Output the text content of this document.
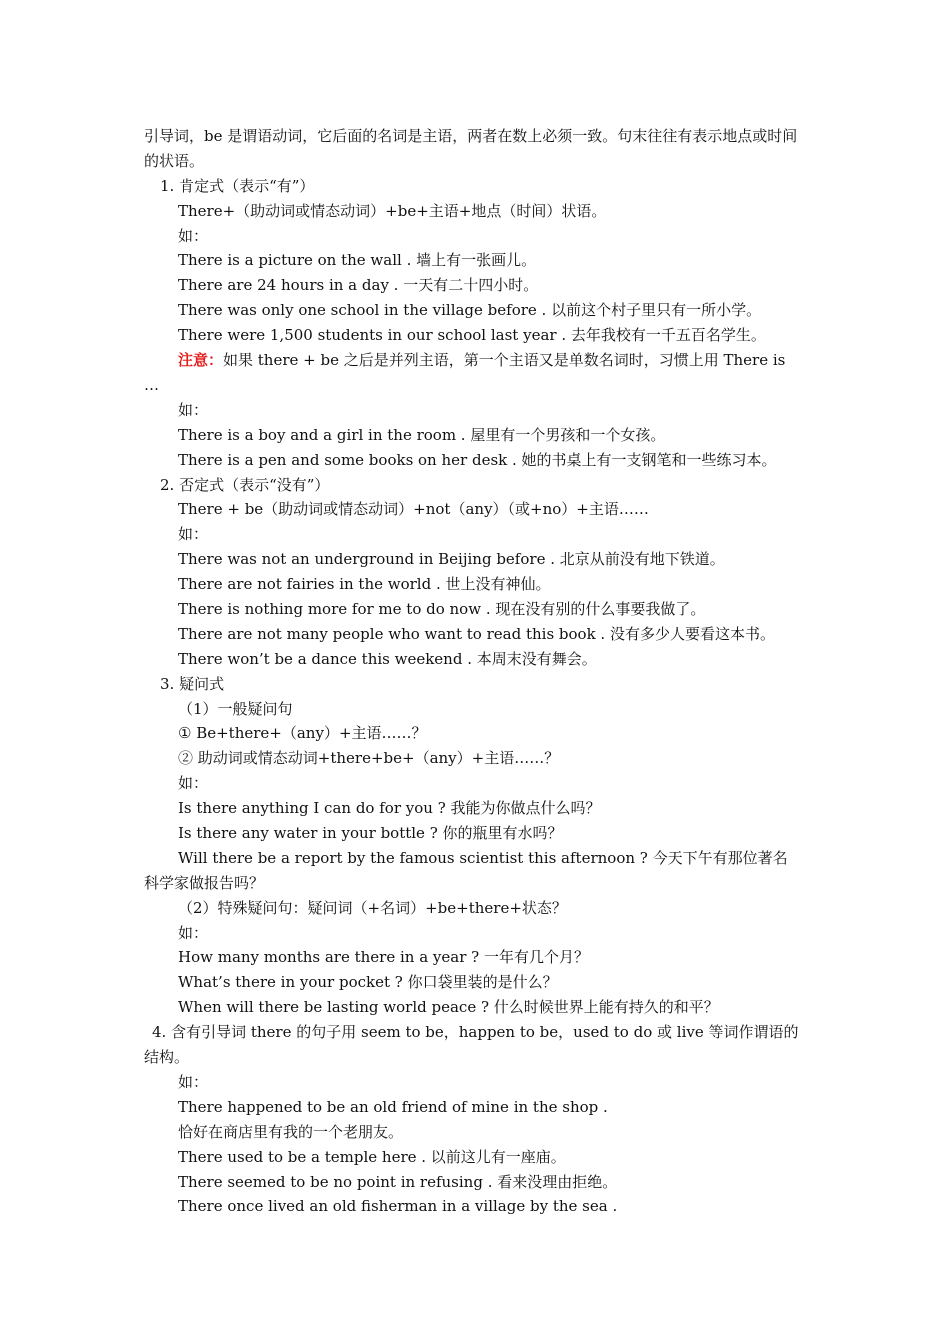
引导词，be 是谓语动词，它后面的名词是主语，两者在数上必须一致。句末往往有表示地点或时间的状语。
1. 肯定式（表示“有”）
There+（助动词或情态动词）+be+主语+地点（时间）状语。
如：
There is a picture on the wall . 墙上有一张画儿。
There are 24 hours in a day . 一天有二十四小时。
There was only one school in the village before . 以前这个村子里只有一所小学。
There were 1,500 students in our school last year . 去年我校有一千五百名学生。
注意：如果 there + be 之后是并列主语，第一个主语又是单数名词时，习惯上用 There is …
如：
There is a boy and a girl in the room . 屋里有一个男孩和一个女孩。
There is a pen and some books on her desk . 她的书桌上有一支钢笔和一些练习本。
2. 否定式（表示“没有”）
There + be（助动词或情态动词）+not（any）（或+no）+主语……
如：
There was not an underground in Beijing before . 北京从前没有地下铁道。
There are not fairies in the world . 世上没有神仙。
There is nothing more for me to do now . 现在没有别的什么事要我做了。
There are not many people who want to read this book . 没有多少人要看这本书。
There won’t be a dance this weekend . 本周末没有舞会。
3. 疑问式
（1）一般疑问句
① Be+there+（any）+主语……？
② 助动词或情态动词+there+be+（any）+主语……？
如：
Is there anything I can do for you ? 我能为你做点什么吗？
Is there any water in your bottle ? 你的瓶里有水吗？
Will there be a report by the famous scientist this afternoon ? 今天下午有那位著名科学家做报告吗？
（2）特殊疑问句：疑问词（+名词）+be+there+状态？
如：
How many months are there in a year ? 一年有几个月？
What’s there in your pocket ? 你口袋里装的是什么？
When will there be lasting world peace ? 什么时候世界上能有持久的和平？
4. 含有引导词 there 的句子用 seem to be，happen to be，used to do 或 live 等词作谓语的结构。
如：
There happened to be an old friend of mine in the shop .
恰好在商店里有我的一个老朋友。
There used to be a temple here . 以前这儿有一座庙。
There seemed to be no point in refusing . 看来没理由拒绝。
There once lived an old fisherman in a village by the sea .
